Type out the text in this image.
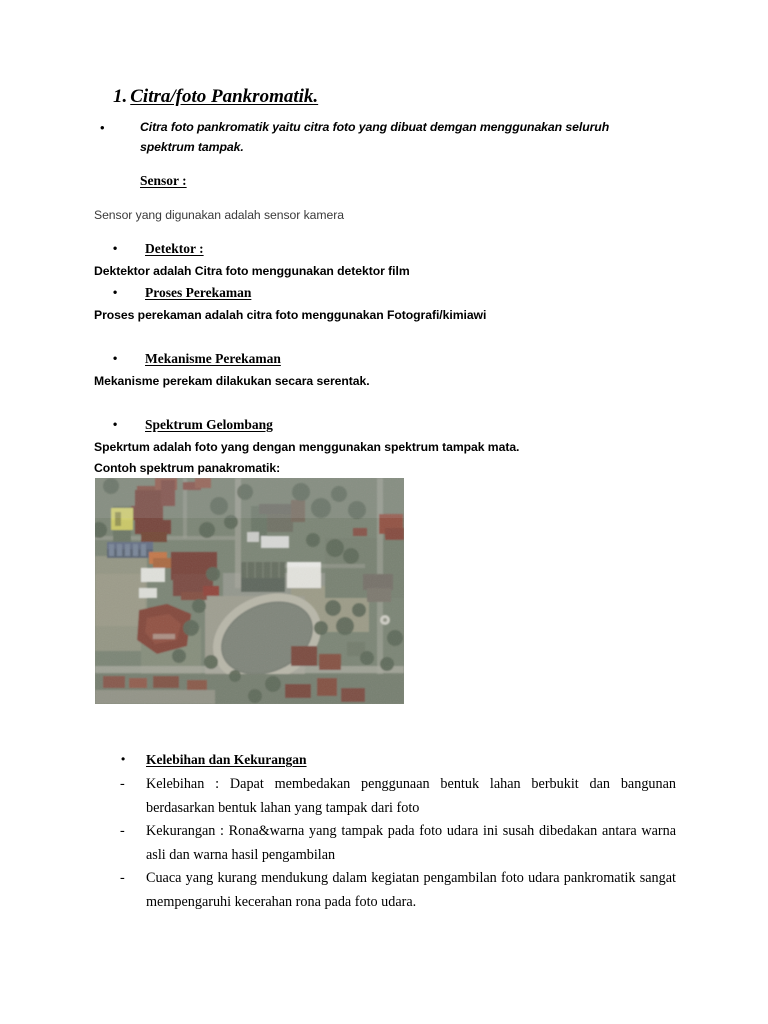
1. Citra/foto Pankromatik.
•	Citra foto pankromatik yaitu citra foto yang dibuat demgan menggunakan seluruh spektrum tampak.
Sensor :
Sensor yang digunakan adalah sensor kamera
• Detektor :
Dektektor adalah Citra foto menggunakan detektor film
• Proses Perekaman
Proses perekaman adalah citra foto menggunakan Fotografi/kimiawi
• Mekanisme Perekaman
Mekanisme perekam dilakukan secara serentak.
• Spektrum Gelombang
Spekrtum adalah foto yang dengan menggunakan spektrum tampak mata.
Contoh spektrum panakromatik:
• Kelebihan dan Kekurangan
- Kelebihan : Dapat membedakan penggunaan bentuk lahan berbukit dan bangunan berdasarkan bentuk lahan yang tampak dari foto
- Kekurangan : Rona&warna yang tampak pada foto udara ini susah dibedakan antara warna asli dan warna hasil pengambilan
- Cuaca yang kurang mendukung dalam kegiatan pengambilan foto udara pankromatik sangat mempengaruhi kecerahan rona pada foto udara.
